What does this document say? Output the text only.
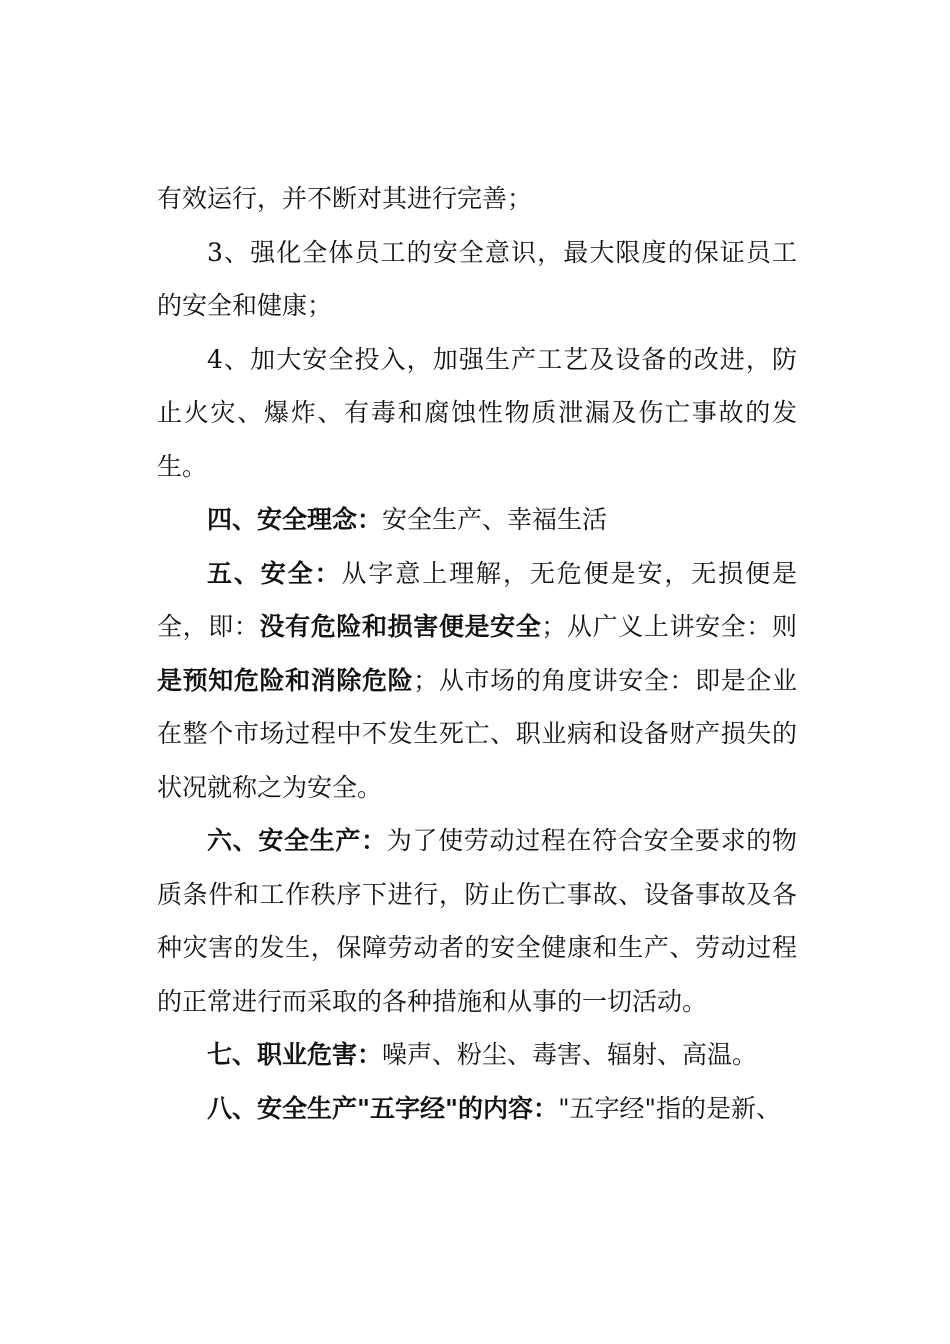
有效运行，并不断对其进行完善；

3、强化全体员工的安全意识，最大限度的保证员工的安全和健康；

4、加大安全投入，加强生产工艺及设备的改进，防止火灾、爆炸、有毒和腐蚀性物质泄漏及伤亡事故的发生。

四、安全理念：安全生产、幸福生活

五、安全：从字意上理解，无危便是安，无损便是全，即：没有危险和损害便是安全；从广义上讲安全：则是预知危险和消除危险；从市场的角度讲安全：即是企业在整个市场过程中不发生死亡、职业病和设备财产损失的状况就称之为安全。

六、安全生产：为了使劳动过程在符合安全要求的物质条件和工作秩序下进行，防止伤亡事故、设备事故及各种灾害的发生，保障劳动者的安全健康和生产、劳动过程的正常进行而采取的各种措施和从事的一切活动。

七、职业危害：噪声、粉尘、毒害、辐射、高温。

八、安全生产"五字经"的内容："五字经"指的是新、
